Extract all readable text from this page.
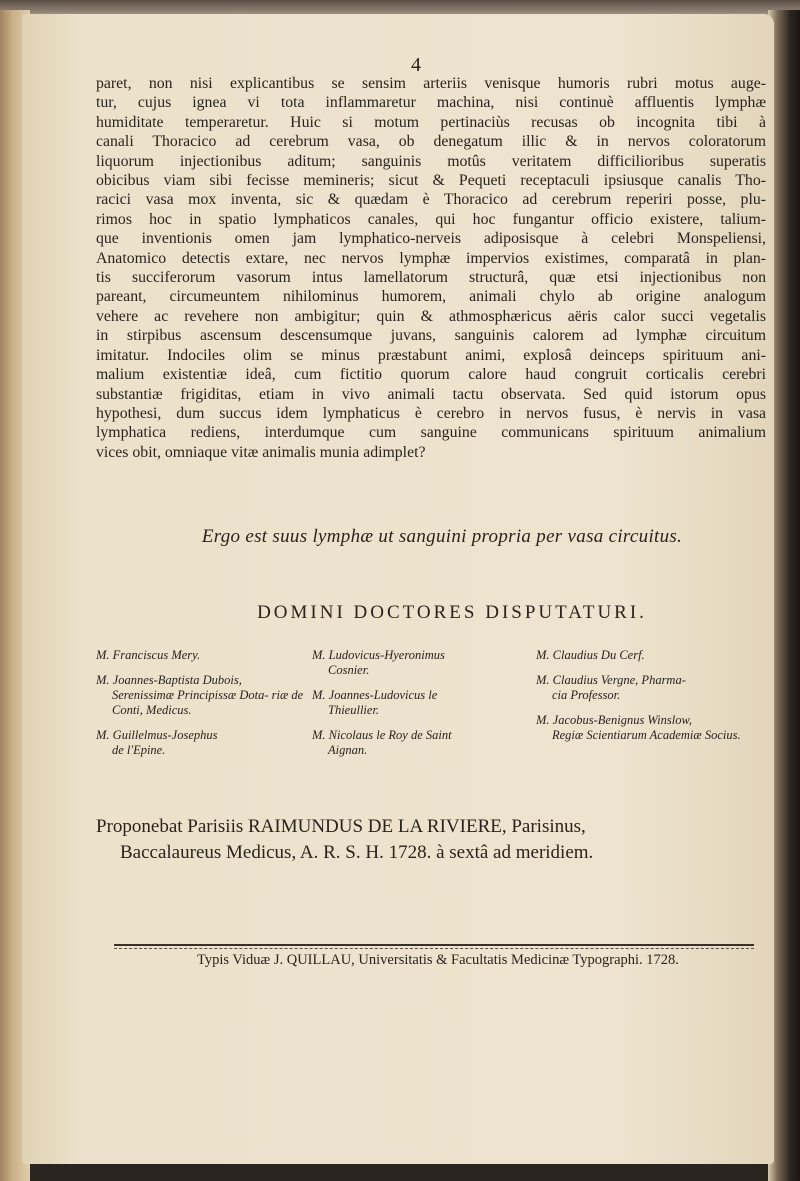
4

paret, non nisi explicantibus se sensim arteriis venisque humoris rubri motus auge-
tur, cujus ignea vi tota inflammaretur machina, nisi continuè affluentis lymphæ
humiditate temperaretur. Huic si motum pertinaciùs recusas ob incognita tibi à
canali Thoracico ad cerebrum vasa, ob denegatum illic & in nervos coloratorum
liquorum injectionibus aditum; sanguinis motûs veritatem difficilioribus superatis
obicibus viam sibi fecisse memineris; sicut & Pequeti receptaculi ipsiusque canalis Tho-
racici vasa mox inventa, sic & quædam è Thoracico ad cerebrum reperiri posse, plu-
rimos hoc in spatio lymphaticos canales, qui hoc fungantur officio existere, talium-
que inventionis omen jam lymphatico-nerveis adiposisque à celebri Monspeliensi,
Anatomico detectis extare, nec nervos lymphæ impervios existimes, comparatâ in plan-
tis succiferorum vasorum intus lamellatorum structurâ, quæ etsi injectionibus non
pareant, circumeuntem nihilominus humorem, animali chylo ab origine analogum
vehere ac revehere non ambigitur; quin & athmosphæricus aëris calor succi vegetalis
in stirpibus ascensum descensumque juvans, sanguinis calorem ad lymphæ circuitum
imitatur. Indociles olim se minus præstabunt animi, explosâ deinceps spirituum ani-
malium existentiæ ideâ, cum fictitio quorum calore haud congruit corticalis cerebri
substantiæ frigiditas, etiam in vivo animali tactu observata. Sed quid istorum opus
hypothesi, dum succus idem lymphaticus è cerebro in nervos fusus, è nervis in vasa
lymphatica rediens, interdumque cum sanguine communicans spirituum animalium
vices obit, omniaque vitæ animalis munia adimplet?

Ergo est suus lymphæ ut sanguini propria per vasa circuitus.
DOMINI DOCTORES DISPUTATURI.
M. Franciscus Mery.
M. Joannes-Baptista Dubois,
Serenissimæ Principissæ Dota- riæ de Conti, Medicus.
M. Guillelmus-Josephus
de l'Epine.
M. Ludovicus-Hyeronimus
Cosnier.
M. Joannes-Ludovicus le
Thieullier.
M. Nicolaus le Roy de Saint
Aignan.
M. Claudius Du Cerf.
M. Claudius Vergne, Pharma-
cia Professor.
M. Jacobus-Benignus Winslow,
Regiæ Scientiarum Academiæ Socius.
Proponebat Parisiis RAIMUNDUS DE LA RIVIERE, Parisinus,
Baccalaureus Medicus, A. R. S. H. 1728. à sextâ ad meridiem.
Typis Viduæ J. QUILLAU, Universitatis & Facultatis Medicinæ Typographi. 1728.
